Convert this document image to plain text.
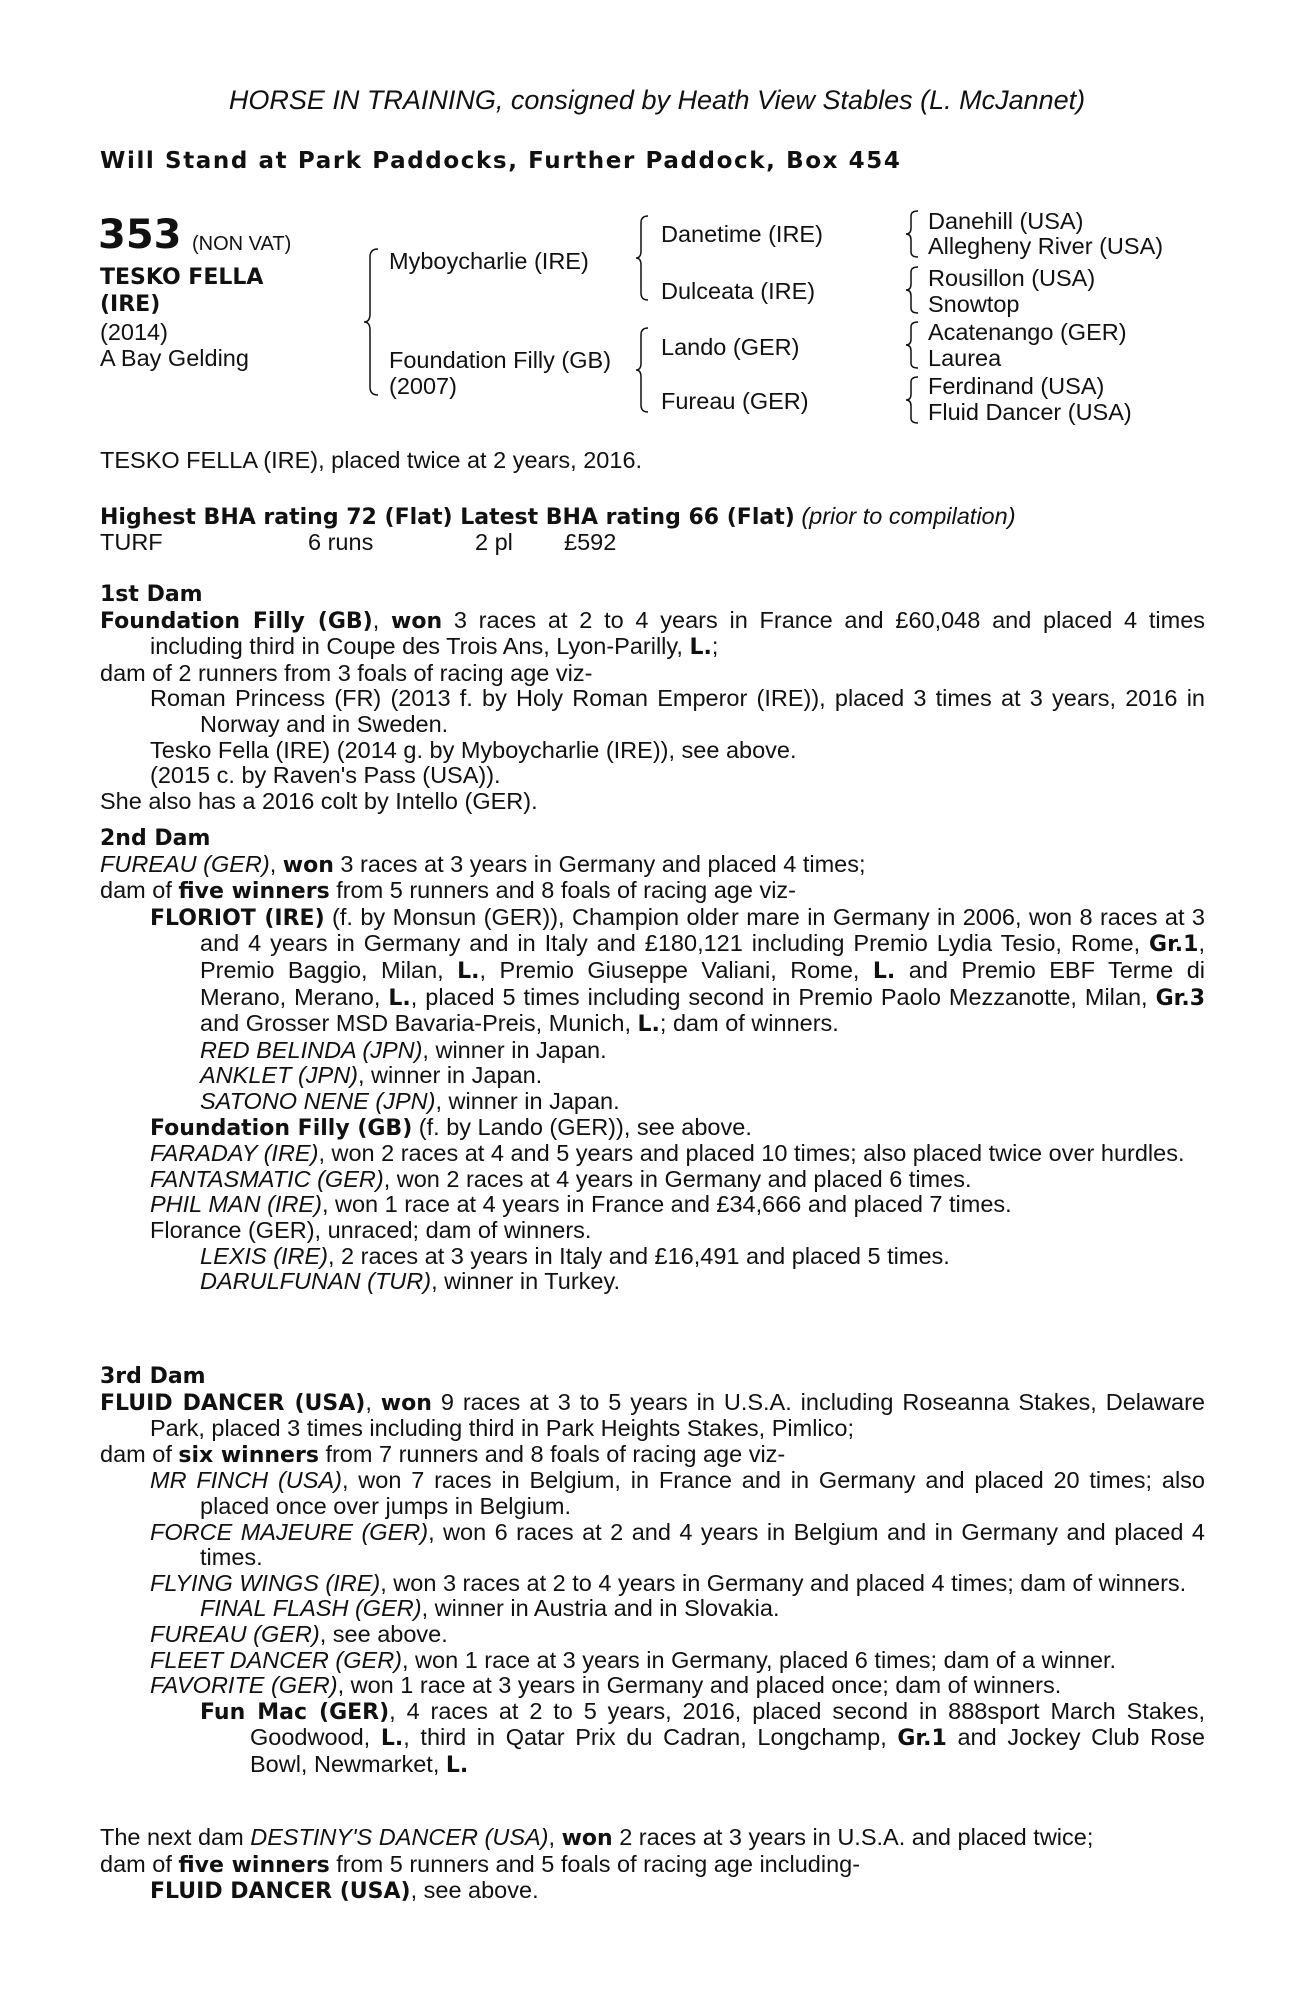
HORSE IN TRAINING, consigned by Heath View Stables (L. McJannet)
Will Stand at Park Paddocks, Further Paddock, Box 454
353 (NON VAT)
TESKO FELLA
(IRE)
(2014)
A Bay Gelding
Myboycharlie (IRE)
Foundation Filly (GB)
(2007)
Danetime (IRE)
Dulceata (IRE)
Lando (GER)
Fureau (GER)
Danehill (USA)
Allegheny River (USA)
Rousillon (USA)
Snowtop
Acatenango (GER)
Laurea
Ferdinand (USA)
Fluid Dancer (USA)
TESKO FELLA (IRE), placed twice at 2 years, 2016.
Highest BHA rating 72 (Flat) Latest BHA rating 66 (Flat) (prior to compilation)
TURF	6 runs	2 pl £592

1st Dam

Foundation Filly (GB), won 3 races at 2 to 4 years in France and £60,048 and placed 4 times including third in Coupe des Trois Ans, Lyon-Parilly, L.;

dam of 2 runners from 3 foals of racing age viz-

Roman Princess (FR) (2013 f. by Holy Roman Emperor (IRE)), placed 3 times at 3 years, 2016 in Norway and in Sweden.

Tesko Fella (IRE) (2014 g. by Myboycharlie (IRE)), see above.

(2015 c. by Raven's Pass (USA)).

She also has a 2016 colt by Intello (GER).

2nd Dam

FUREAU (GER), won 3 races at 3 years in Germany and placed 4 times;

dam of five winners from 5 runners and 8 foals of racing age viz-

FLORIOT (IRE) (f. by Monsun (GER)), Champion older mare in Germany in 2006, won 8 races at 3 and 4 years in Germany and in Italy and £180,121 including Premio Lydia Tesio, Rome, Gr.1, Premio Baggio, Milan, L., Premio Giuseppe Valiani, Rome, L. and Premio EBF Terme di Merano, Merano, L., placed 5 times including second in Premio Paolo Mezzanotte, Milan, Gr.3 and Grosser MSD Bavaria-Preis, Munich, L.; dam of winners.

RED BELINDA (JPN), winner in Japan.

ANKLET (JPN), winner in Japan.

SATONO NENE (JPN), winner in Japan.

Foundation Filly (GB) (f. by Lando (GER)), see above.

FARADAY (IRE), won 2 races at 4 and 5 years and placed 10 times; also placed twice over hurdles.

FANTASMATIC (GER), won 2 races at 4 years in Germany and placed 6 times.

PHIL MAN (IRE), won 1 race at 4 years in France and £34,666 and placed 7 times.

Florance (GER), unraced; dam of winners.

LEXIS (IRE), 2 races at 3 years in Italy and £16,491 and placed 5 times.

DARULFUNAN (TUR), winner in Turkey.

3rd Dam

FLUID DANCER (USA), won 9 races at 3 to 5 years in U.S.A. including Roseanna Stakes, Delaware Park, placed 3 times including third in Park Heights Stakes, Pimlico;

dam of six winners from 7 runners and 8 foals of racing age viz-

MR FINCH (USA), won 7 races in Belgium, in France and in Germany and placed 20 times; also placed once over jumps in Belgium.

FORCE MAJEURE (GER), won 6 races at 2 and 4 years in Belgium and in Germany and placed 4 times.

FLYING WINGS (IRE), won 3 races at 2 to 4 years in Germany and placed 4 times; dam of winners.

FINAL FLASH (GER), winner in Austria and in Slovakia.

FUREAU (GER), see above.

FLEET DANCER (GER), won 1 race at 3 years in Germany, placed 6 times; dam of a winner.

FAVORITE (GER), won 1 race at 3 years in Germany and placed once; dam of winners.

Fun Mac (GER), 4 races at 2 to 5 years, 2016, placed second in 888sport March Stakes, Goodwood, L., third in Qatar Prix du Cadran, Longchamp, Gr.1 and Jockey Club Rose Bowl, Newmarket, L.

The next dam DESTINY'S DANCER (USA), won 2 races at 3 years in U.S.A. and placed twice;

dam of five winners from 5 runners and 5 foals of racing age including-

FLUID DANCER (USA), see above.
